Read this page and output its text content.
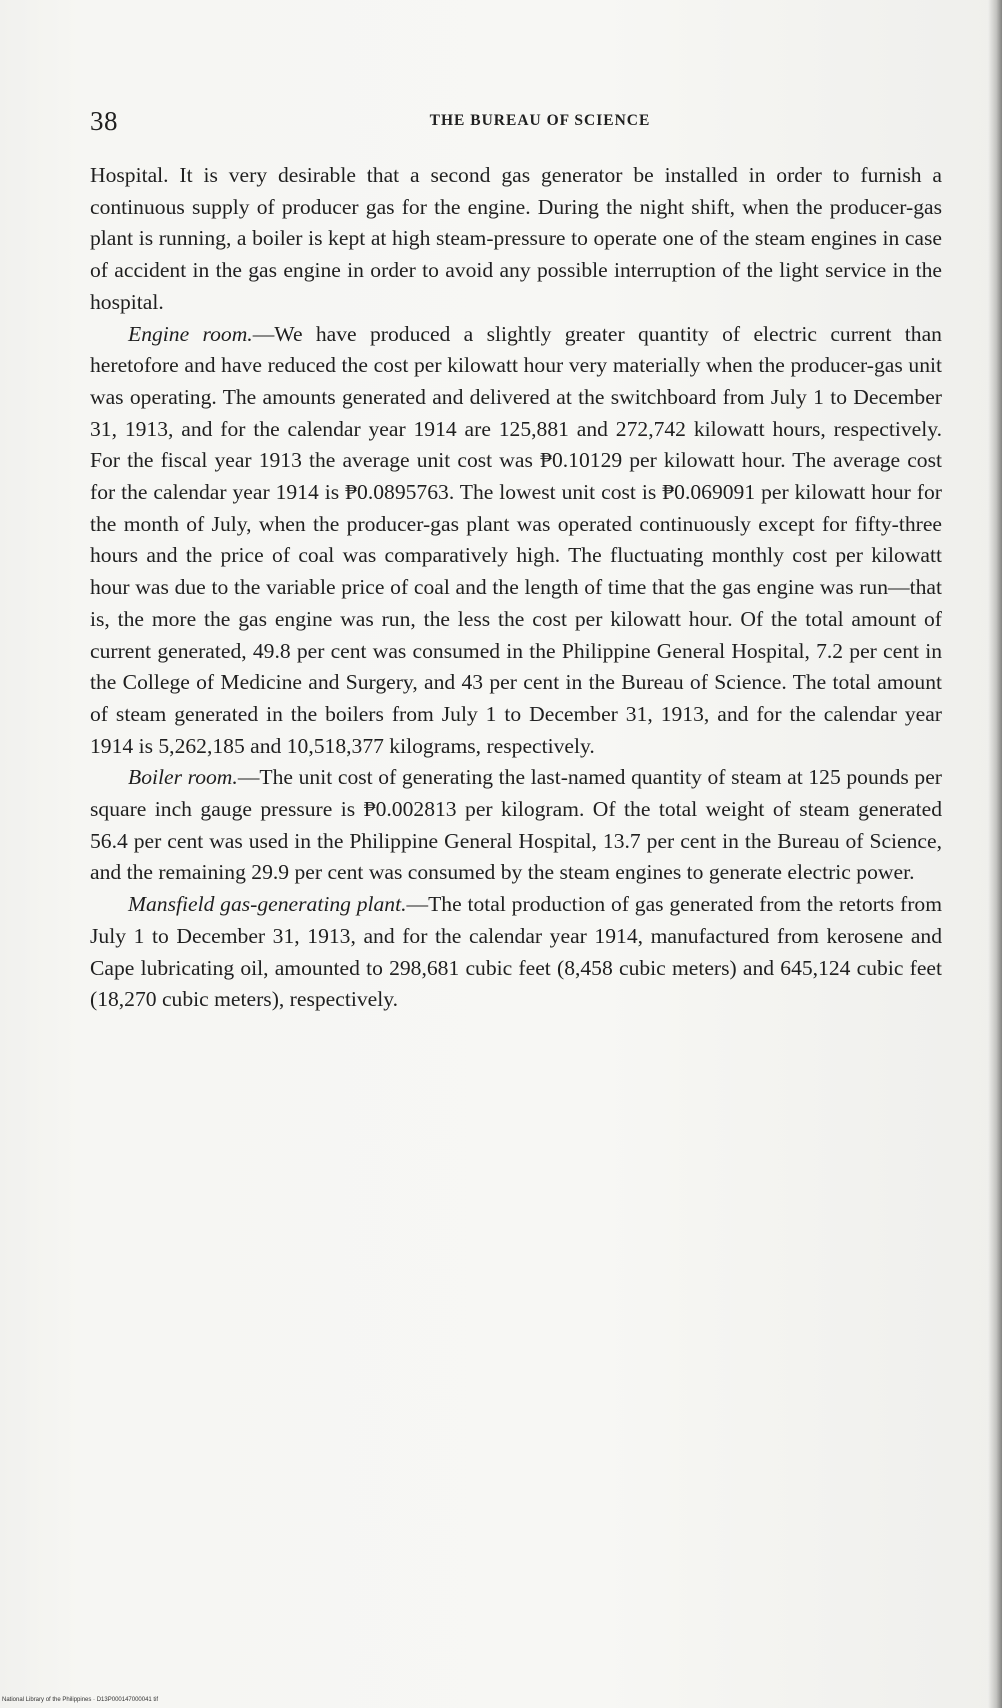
38	THE BUREAU OF SCIENCE

Hospital. It is very desirable that a second gas generator be installed in order to furnish a continuous supply of producer gas for the engine. During the night shift, when the producer-gas plant is running, a boiler is kept at high steam-pressure to operate one of the steam engines in case of accident in the gas engine in order to avoid any possible interruption of the light service in the hospital.

Engine room.—We have produced a slightly greater quantity of electric current than heretofore and have reduced the cost per kilowatt hour very materially when the producer-gas unit was operating. The amounts generated and delivered at the switchboard from July 1 to December 31, 1913, and for the calendar year 1914 are 125,881 and 272,742 kilowatt hours, respectively. For the fiscal year 1913 the average unit cost was ₱0.10129 per kilowatt hour. The average cost for the calendar year 1914 is ₱0.0895763. The lowest unit cost is ₱0.069091 per kilowatt hour for the month of July, when the producer-gas plant was operated continuously except for fifty-three hours and the price of coal was comparatively high. The fluctuating monthly cost per kilowatt hour was due to the variable price of coal and the length of time that the gas engine was run—that is, the more the gas engine was run, the less the cost per kilowatt hour. Of the total amount of current generated, 49.8 per cent was consumed in the Philippine General Hospital, 7.2 per cent in the College of Medicine and Surgery, and 43 per cent in the Bureau of Science. The total amount of steam generated in the boilers from July 1 to December 31, 1913, and for the calendar year 1914 is 5,262,185 and 10,518,377 kilograms, respectively.

Boiler room.—The unit cost of generating the last-named quantity of steam at 125 pounds per square inch gauge pressure is ₱0.002813 per kilogram. Of the total weight of steam generated 56.4 per cent was used in the Philippine General Hospital, 13.7 per cent in the Bureau of Science, and the remaining 29.9 per cent was consumed by the steam engines to generate electric power.

Mansfield gas-generating plant.—The total production of gas generated from the retorts from July 1 to December 31, 1913, and for the calendar year 1914, manufactured from kerosene and Cape lubricating oil, amounted to 298,681 cubic feet (8,458 cubic meters) and 645,124 cubic feet (18,270 cubic meters), respectively.

National Library of the Philippines · D13P000147000041 tif
